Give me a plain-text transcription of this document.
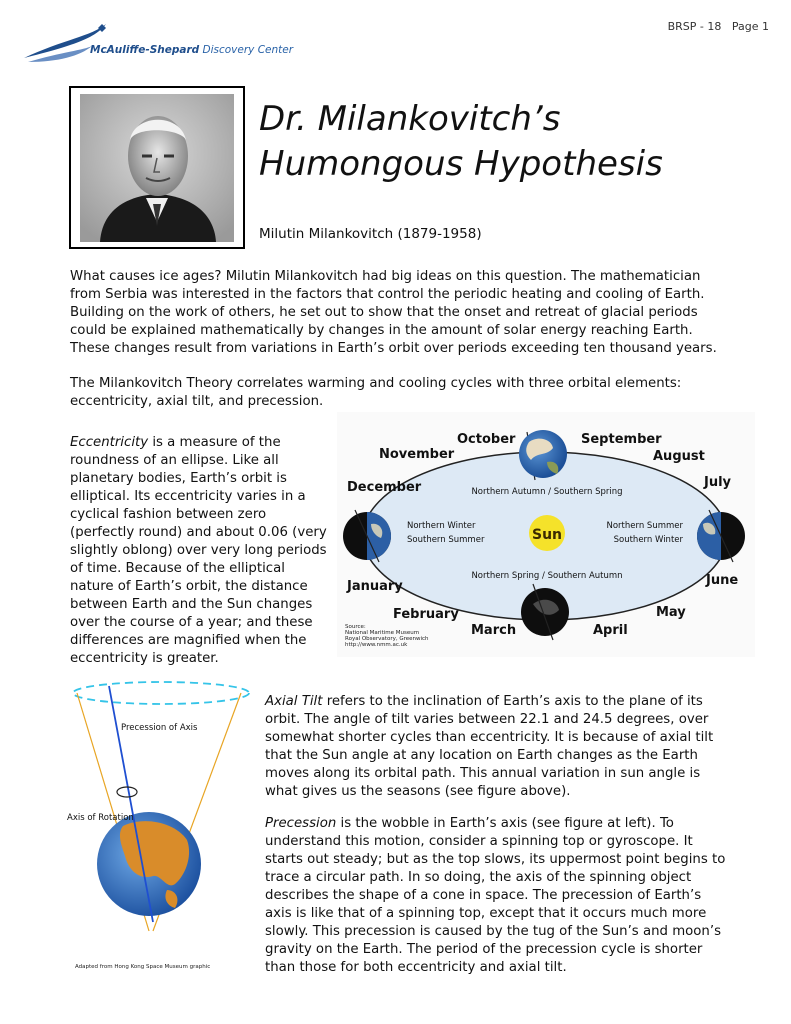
BRSP - 18 Page 1
McAuliffe-Shepard Discovery Center
Dr. Milankovitch’s
Humongous Hypothesis
Milutin Milankovitch (1879-1958)
What causes ice ages? Milutin Milankovitch had big ideas on this question. The mathematician from Serbia was interested in the factors that control the periodic heating and cooling of Earth. Building on the work of others, he set out to show that the onset and retreat of glacial periods could be explained mathematically by changes in the amount of solar energy reaching Earth. These changes result from variations in Earth’s orbit over periods exceeding ten thousand years.
The Milankovitch Theory correlates warming and cooling cycles with three orbital elements: eccentricity, axial tilt, and precession.
Eccentricity is a measure of the roundness of an ellipse. Like all planetary bodies, Earth’s orbit is elliptical. Its eccentricity varies in a cyclical fashion between zero (perfectly round) and about 0.06 (very slightly oblong) over very long periods of time. Because of the elliptical nature of Earth’s orbit, the distance between Earth and the Sun changes over the course of a year; and these differences are magnified when the eccentricity is greater.
Axial Tilt refers to the inclination of Earth’s axis to the plane of its orbit. The angle of tilt varies between 22.1 and 24.5 degrees, over somewhat shorter cycles than eccentricity. It is because of axial tilt that the Sun angle at any location on Earth changes as the Earth moves along its orbital path. This annual variation in sun angle is what gives us the seasons (see figure above).
Precession is the wobble in Earth’s axis (see figure at left). To understand this motion, consider a spinning top or gyroscope. It starts out steady; but as the top slows, its uppermost point begins to trace a circular path. In so doing, the axis of the spinning object describes the shape of a cone in space. The precession of Earth’s axis is like that of a spinning top, except that it occurs much more slowly. This precession is caused by the tug of the Sun’s and moon’s gravity on the Earth. The period of the precession cycle is shorter than those for both eccentricity and axial tilt.
Sun
October	September
November	August
December	July
January	June
February	May
March	April
Northern Autumn / Southern Spring
Northern Spring / Southern Autumn
Northern Winter
Southern Summer
Northern Summer
Southern Winter
Source:
National Maritime Museum
Royal Observatory, Greenwich
http://www.nmm.ac.uk
Precession of Axis
Axis of Rotation
Adapted from Hong Kong Space Museum graphic
